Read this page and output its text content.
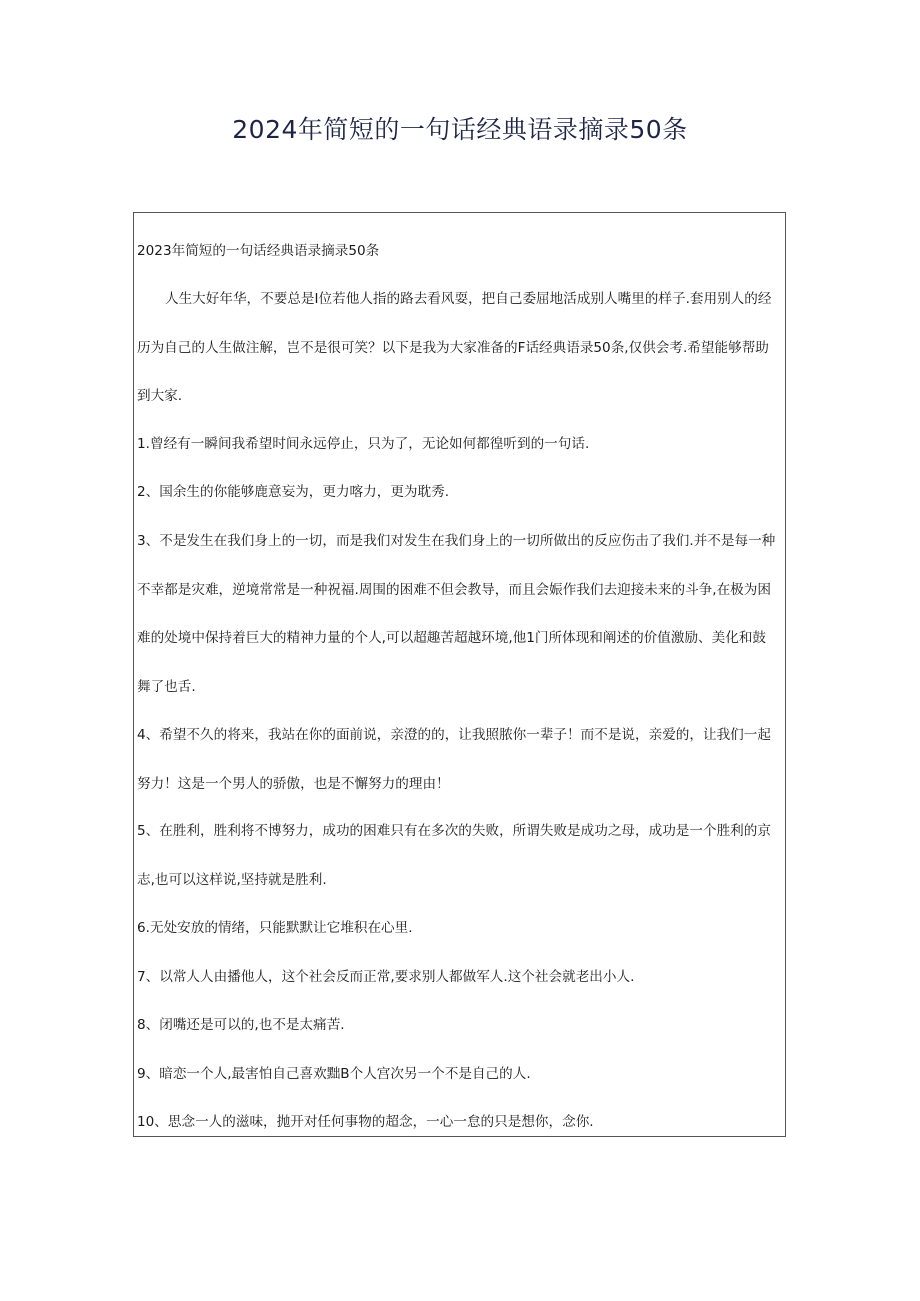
2024年简短的一句话经典语录摘录50条

2023年简短的一句话经典语录摘录50条

人生大好年华，不要总是I位若他人指的路去看风耍，把自己委屈地活成别人嘴里的样子.套用别人的经历为自己的人生做注解，岂不是很可笑？以下是我为大家准备的F话经典语录50条,仅供会考.希望能够帮助到大家.

1.曾经有一瞬间我希望时间永远停止，只为了，无论如何都徨听到的一句话.

2、国余生的你能够鹿意妄为，更力喀力，更为耽秀.

3、不是发生在我们身上的一切，而是我们对发生在我们身上的一切所做出的反应伤击了我们.并不是每一种不幸都是灾难，逆境常常是一种祝福.周围的困难不但会教导，而且会娠作我们去迎接未来的斗争,在极为困难的处境中保持着巨大的精神力量的个人,可以超趣苦超越环境,他1门所体现和阐述的价值激励、美化和鼓舞了也舌.

4、希望不久的将来，我站在你的面前说，亲澄的的，让我照脓你一辈子！而不是说，亲爱的，让我们一起努力！这是一个男人的骄傲，也是不懈努力的理由！

5、在胜利，胜利将不博努力，成功的困难只有在多次的失败，所谓失败是成功之母，成功是一个胜利的京志,也可以这样说,坚持就是胜利.

6.无处安放的情绪，只能默默让它堆积在心里.

7、以常人人由播他人，这个社会反而正常,要求别人都做军人.这个社会就老出小人.

8、闭嘴还是可以的,也不是太痛苦.

9、暗恋一个人,最害怕自己喜欢黜B个人宫次另一个不是自己的人.

10、思念一人的滋味，抛开对任何事物的超念，一心一怠的只是想你，念你.
